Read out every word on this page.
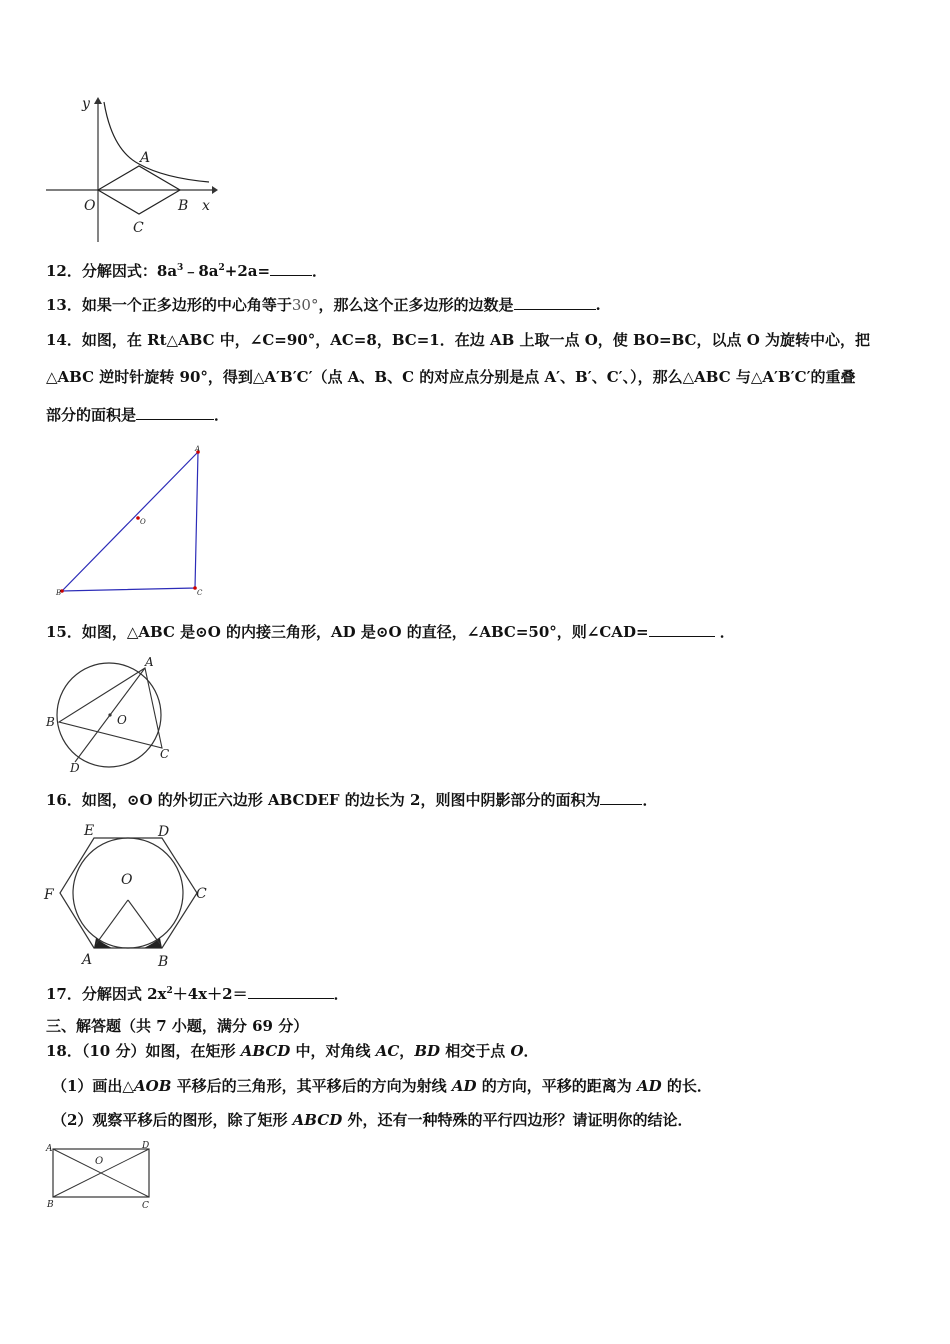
y
x
O
A
B
C
12．分解因式：$8a^3﹣8a^2+2a=$	．
13．如果一个正多边形的中心角等于30°，那么这个正多边形的边数是	.
14．如图，在 Rt△ABC 中，∠C=90°，AC=8，BC=1．在边 AB 上取一点 O，使 BO=BC，以点 O 为旋转中心，把
△ABC 逆时针旋转 90°，得到△A′B′C′（点 A、B、C 的对应点分别是点 A′、B′、C′、），那么△ABC 与△A′B′C′的重叠
部分的面积是	．
A
O
B	C
15．如图，△ABC 是⊙O 的内接三角形，AD 是⊙O 的直径，∠ABC=50°，则∠CAD=	．
A
B
C
D
O
16．如图，⊙O 的外切正六边形 ABCDEF 的边长为 2，则图中阴影部分的面积为	．
E	D
F	C
O
A	B
17．分解因式 $2x^2+4x+2=$	．
三、解答题（共 7 小题，满分 69 分）
18．（10 分）如图，在矩形 ABCD 中，对角线 AC，BD 相交于点 O．
（1）画出△AOB 平移后的三角形，其平移后的方向为射线 AD 的方向，平移的距离为 AD 的长．
（2）观察平移后的图形，除了矩形 ABCD 外，还有一种特殊的平行四边形？请证明你的结论．
A	D
O
B	C
